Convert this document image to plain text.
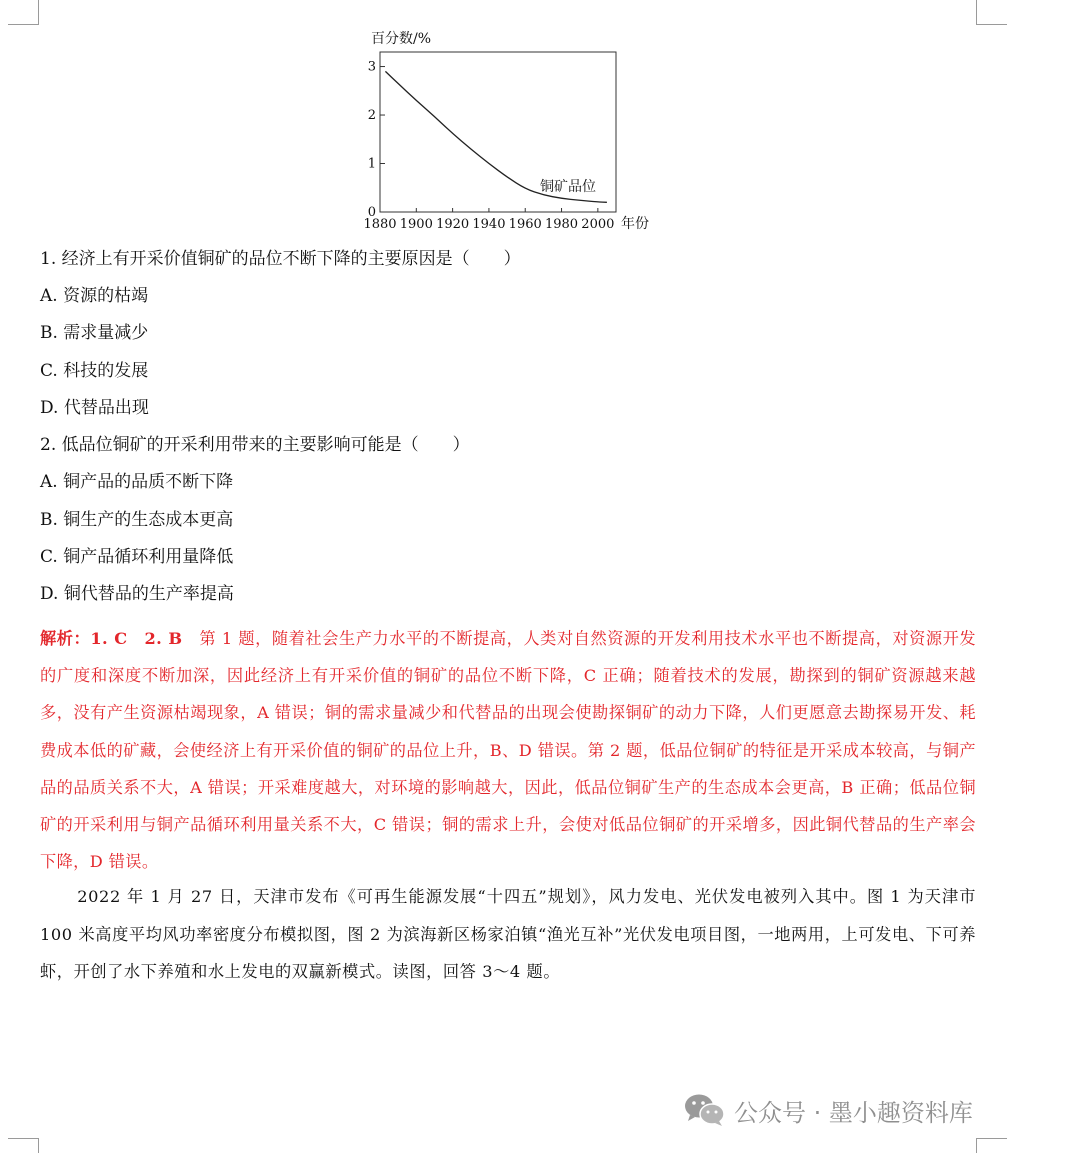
百分数/%
0
1
2
3
1880 1900 1920 1940 1960 1980 2000
铜矿品位
年份
1. 经济上有开采价值铜矿的品位不断下降的主要原因是（　　）
A. 资源的枯竭
B. 需求量减少
C. 科技的发展
D. 代替品出现
2. 低品位铜矿的开采利用带来的主要影响可能是（　　）
A. 铜产品的品质不断下降
B. 铜生产的生态成本更高
C. 铜产品循环利用量降低
D. 铜代替品的生产率提高
解析：1. C　2. B　第 1 题，随着社会生产力水平的不断提高，人类对自然资源的开发利用技术水平也不断提高，对资源开发的广度和深度不断加深，因此经济上有开采价值的铜矿的品位不断下降，C 正确；随着技术的发展，勘探到的铜矿资源越来越多，没有产生资源枯竭现象，A 错误；铜的需求量减少和代替品的出现会使勘探铜矿的动力下降，人们更愿意去勘探易开发、耗费成本低的矿藏，会使经济上有开采价值的铜矿的品位上升，B、D 错误。第 2 题，低品位铜矿的特征是开采成本较高，与铜产品的品质关系不大，A 错误；开采难度越大，对环境的影响越大，因此，低品位铜矿生产的生态成本会更高，B 正确；低品位铜矿的开采利用与铜产品循环利用量关系不大，C 错误；铜的需求上升，会使对低品位铜矿的开采增多，因此铜代替品的生产率会下降，D 错误。
2022 年 1 月 27 日，天津市发布《可再生能源发展“十四五”规划》，风力发电、光伏发电被列入其中。图 1 为天津市 100 米高度平均风功率密度分布模拟图，图 2 为滨海新区杨家泊镇“渔光互补”光伏发电项目图，一地两用，上可发电、下可养虾，开创了水下养殖和水上发电的双赢新模式。读图，回答 3～4 题。
公众号 · 墨小趣资料库
